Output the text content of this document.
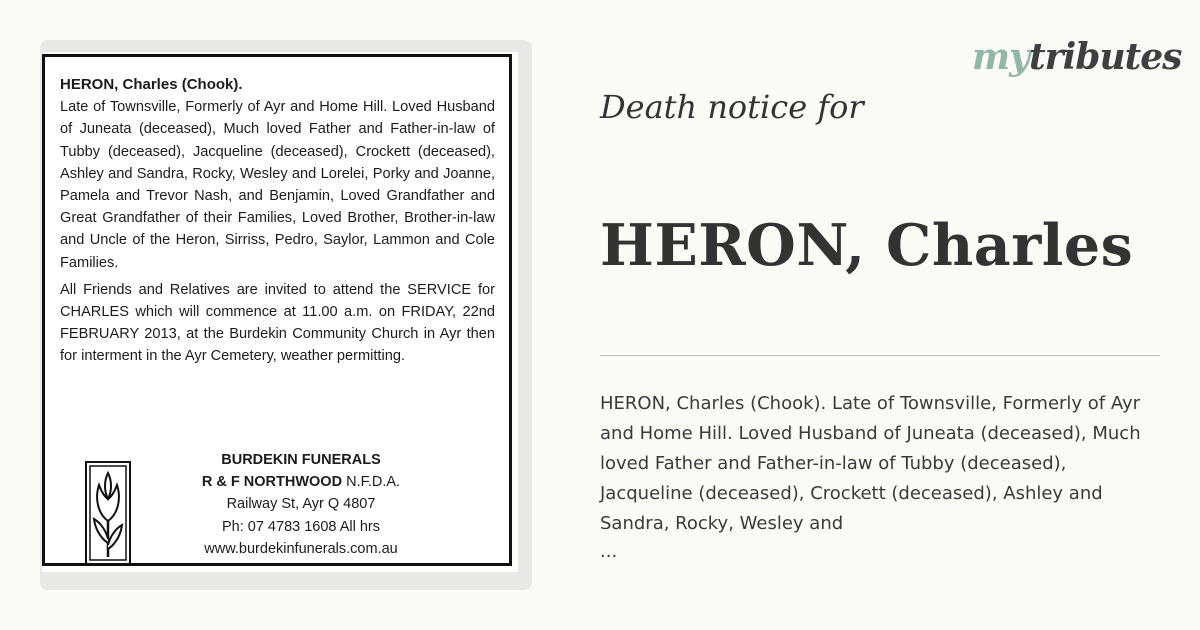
HERON, Charles (Chook).

Late of Townsville, Formerly of Ayr and Home Hill. Loved Husband of Juneata (deceased), Much loved Father and Father-in-law of Tubby (deceased), Jacqueline (deceased), Crockett (deceased), Ashley and Sandra, Rocky, Wesley and Lorelei, Porky and Joanne, Pamela and Trevor Nash, and Benjamin, Loved Grandfather and Great Grandfather of their Families, Loved Brother, Brother-in-law and Uncle of the Heron, Sirriss, Pedro, Saylor, Lammon and Cole Families.

All Friends and Relatives are invited to attend the SERVICE for CHARLES which will commence at 11.00 a.m. on FRIDAY, 22nd FEBRUARY 2013, at the Burdekin Community Church in Ayr then for interment in the Ayr Cemetery, weather permitting.

BURDEKIN FUNERALS
R & F NORTHWOOD N.F.D.A.
Railway St, Ayr Q 4807
Ph: 07 4783 1608 All hrs
www.burdekinfunerals.com.au
mytributes

Death notice for

HERON, Charles

HERON, Charles (Chook). Late of Townsville, Formerly of Ayr and Home Hill. Loved Husband of Juneata (deceased), Much loved Father and Father-in-law of Tubby (deceased), Jacqueline (deceased), Crockett (deceased), Ashley and Sandra, Rocky, Wesley and

...
